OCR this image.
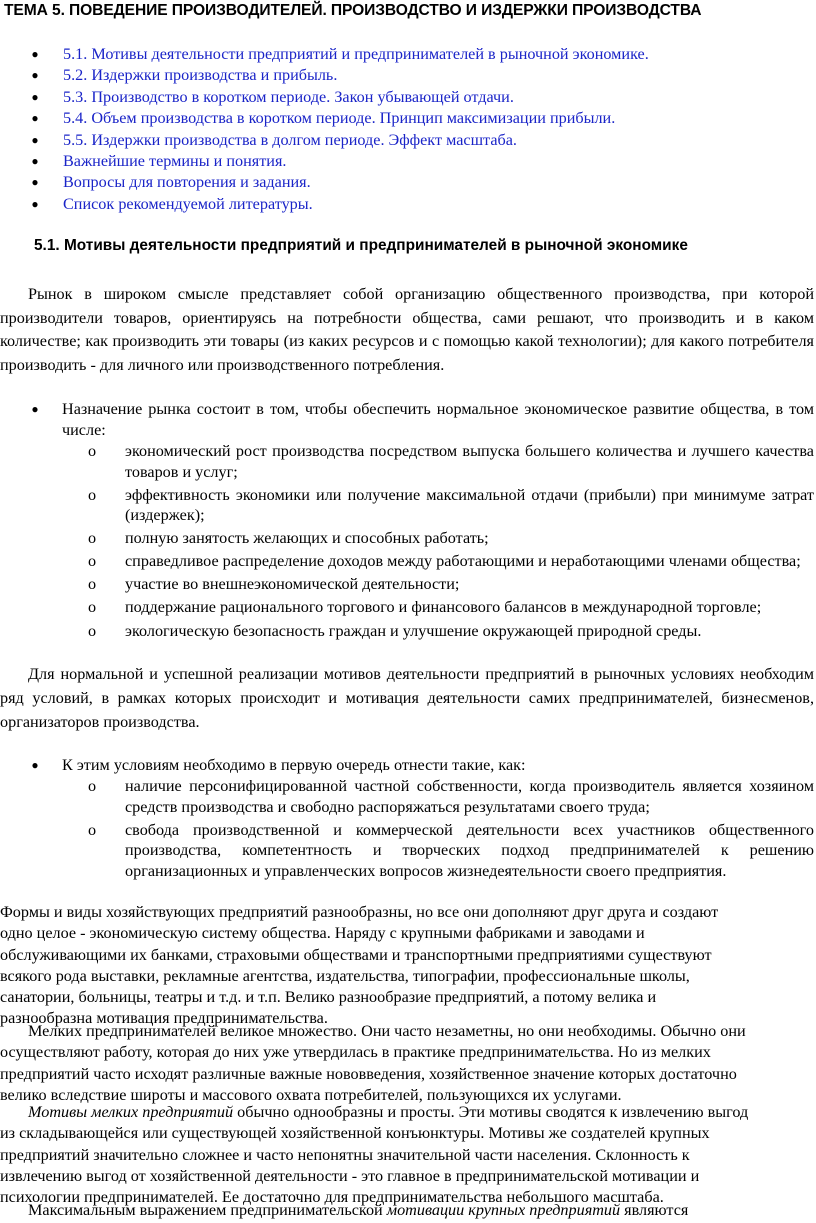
ТЕМА 5. ПОВЕДЕНИЕ ПРОИЗВОДИТЕЛЕЙ. ПРОИЗВОДСТВО И ИЗДЕРЖКИ ПРОИЗВОДСТВА
● 5.1. Мотивы деятельности предприятий и предпринимателей в рыночной экономике.
● 5.2. Издержки производства и прибыль.
● 5.3. Производство в коротком периоде. Закон убывающей отдачи.
● 5.4. Объем производства в коротком периоде. Принцип максимизации прибыли.
● 5.5. Издержки производства в долгом периоде. Эффект масштаба.
● Важнейшие термины и понятия.
● Вопросы для повторения и задания.
● Список рекомендуемой литературы.
5.1. Мотивы деятельности предприятий и предпринимателей в рыночной экономике

Рынок в широком смысле представляет собой организацию общественного производства, при которой производители товаров, ориентируясь на потребности общества, сами решают, что производить и в каком количестве; как производить эти товары (из каких ресурсов и с помощью какой технологии); для какого потребителя производить - для личного или производственного потребления.

● Назначение рынка состоит в том, чтобы обеспечить нормальное экономическое развитие общества, в том числе:
o экономический рост производства посредством выпуска большего количества и лучшего качества товаров и услуг;
o эффективность экономики или получение максимальной отдачи (прибыли) при минимуме затрат (издержек);
o полную занятость желающих и способных работать;
o справедливое распределение доходов между работающими и неработающими членами общества;
o участие во внешнеэкономической деятельности;
o поддержание рационального торгового и финансового балансов в международной торговле;
o экологическую безопасность граждан и улучшение окружающей природной среды.

Для нормальной и успешной реализации мотивов деятельности предприятий в рыночных условиях необходим ряд условий, в рамках которых происходит и мотивация деятельности самих предпринимателей, бизнесменов, организаторов производства.

● К этим условиям необходимо в первую очередь отнести такие, как:
o наличие персонифицированной частной собственности, когда производитель является хозяином средств производства и свободно распоряжаться результатами своего труда;
o свобода производственной и коммерческой деятельности всех участников общественного производства, компетентность и творческих подход предпринимателей к решению организационных и управленческих вопросов жизнедеятельности своего предприятия.

Формы и виды хозяйствующих предприятий разнообразны, но все они дополняют друг друга и создают
одно целое - экономическую систему общества. Наряду с крупными фабриками и заводами и
обслуживающими их банками, страховыми обществами и транспортными предприятиями существуют
всякого рода выставки, рекламные агентства, издательства, типографии, профессиональные школы,
санатории, больницы, театры и т.д. и т.п. Велико разнообразие предприятий, а потому велика и
разнообразна мотивация предпринимательства.

Мелких предпринимателей великое множество. Они часто незаметны, но они необходимы. Обычно они
осуществляют работу, которая до них уже утвердилась в практике предпринимательства. Но из мелких
предприятий часто исходят различные важные нововведения, хозяйственное значение которых достаточно
велико вследствие широты и массового охвата потребителей, пользующихся их услугами.

Мотивы мелких предприятий обычно однообразны и просты. Эти мотивы сводятся к извлечению выгод
из складывающейся или существующей хозяйственной конъюнктуры. Мотивы же создателей крупных
предприятий значительно сложнее и часто непонятны значительной части населения. Склонность к
извлечению выгод от хозяйственной деятельности - это главное в предпринимательской мотивации и
психологии предпринимателей. Ее достаточно для предпринимательства небольшого масштаба.

Максимальным выражением предпринимательской мотивации крупных предприятий являются
